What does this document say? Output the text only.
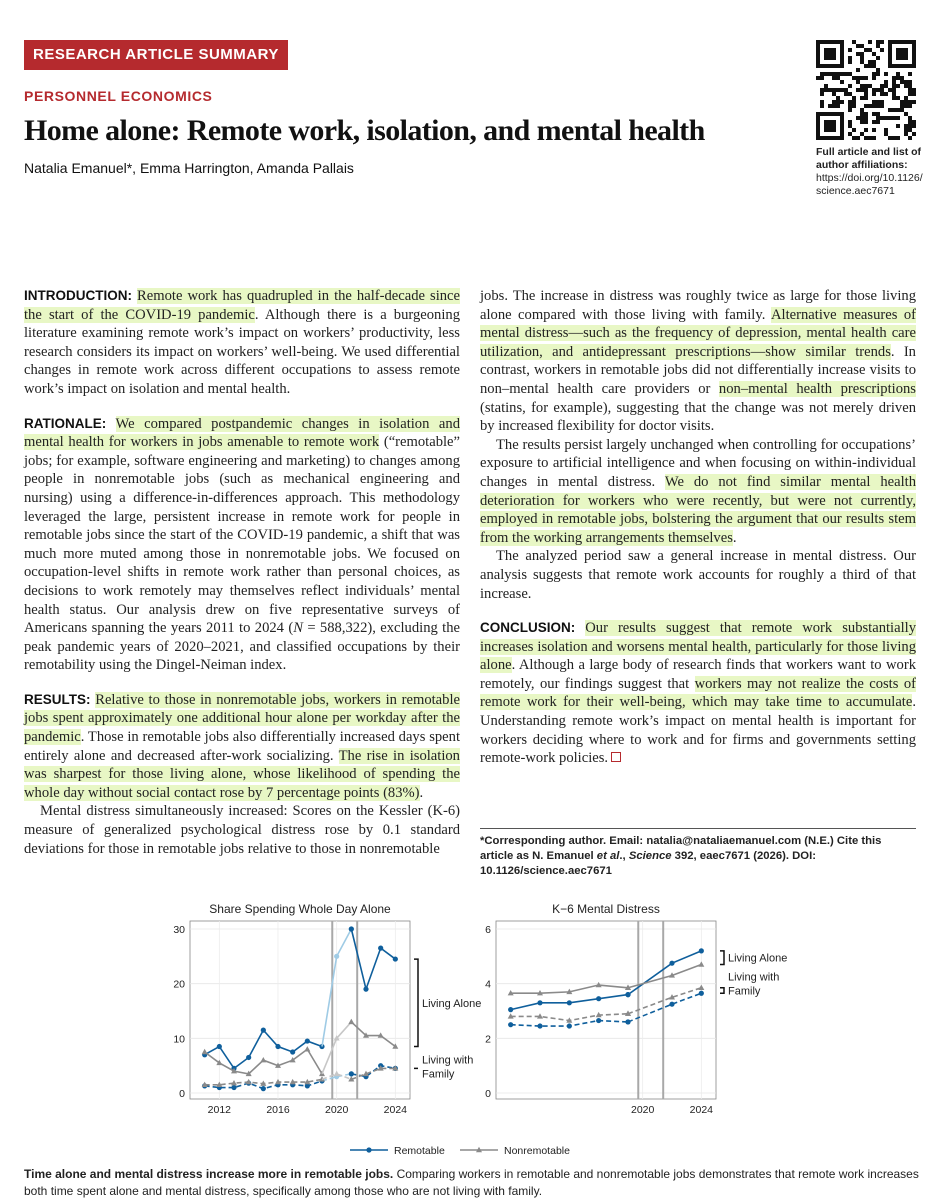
RESEARCH ARTICLE SUMMARY
PERSONNEL ECONOMICS
Home alone: Remote work, isolation, and mental health
Natalia Emanuel*, Emma Harrington, Amanda Pallais
Full article and list of author affiliations:
https://doi.org/10.1126/ science.aec7671

INTRODUCTION: Remote work has quadrupled in the half-decade since the start of the COVID-19 pandemic. Although there is a burgeoning literature examining remote work’s impact on workers’ productivity, less research considers its impact on workers’ well-being. We used differential changes in remote work across different occupations to assess remote work’s impact on isolation and mental health.

RATIONALE: We compared postpandemic changes in isolation and mental health for workers in jobs amenable to remote work (“remotable” jobs; for example, software engineering and marketing) to changes among people in nonremotable jobs (such as mechanical engineering and nursing) using a difference-in-differences approach. This methodology leveraged the large, persistent increase in remote work for people in remotable jobs since the start of the COVID-19 pandemic, a shift that was much more muted among those in nonremotable jobs. We focused on occupation-level shifts in remote work rather than personal choices, as decisions to work remotely may themselves reflect individuals’ mental health status. Our analysis drew on five representative surveys of Americans spanning the years 2011 to 2024 (N = 588,322), excluding the peak pandemic years of 2020–2021, and classified occupations by their remotability using the Dingel-Neiman index.

RESULTS: Relative to those in nonremotable jobs, workers in remotable jobs spent approximately one additional hour alone per workday after the pandemic. Those in remotable jobs also differentially increased days spent entirely alone and decreased after-work socializing. The rise in isolation was sharpest for those living alone, whose likelihood of spending the whole day without social contact rose by 7 percentage points (83%).

Mental distress simultaneously increased: Scores on the Kessler (K-6) measure of generalized psychological distress rose by 0.1 standard deviations for those in remotable jobs relative to those in nonremotable

jobs. The increase in distress was roughly twice as large for those living alone compared with those living with family. Alternative measures of mental distress—such as the frequency of depression, mental health care utilization, and antidepressant prescriptions—show similar trends. In contrast, workers in remotable jobs did not differentially increase visits to non–mental health care providers or non–mental health prescriptions (statins, for example), suggesting that the change was not merely driven by increased flexibility for doctor visits.

The results persist largely unchanged when controlling for occupations’ exposure to artificial intelligence and when focusing on within-individual changes in mental distress. We do not find similar mental health deterioration for workers who were recently, but were not currently, employed in remotable jobs, bolstering the argument that our results stem from the working arrangements themselves.

The analyzed period saw a general increase in mental distress. Our analysis suggests that remote work accounts for roughly a third of that increase.

CONCLUSION: Our results suggest that remote work substantially increases isolation and worsens mental health, particularly for those living alone. Although a large body of research finds that workers want to work remotely, our findings suggest that workers may not realize the costs of remote work for their well-being, which may take time to accumulate. Understanding remote work’s impact on mental health is important for workers deciding where to work and for firms and governments setting remote-work policies.

*Corresponding author. Email: natalia@nataliaemanuel.com (N.E.) Cite this article as N. Emanuel et al., Science 392, eaec7671 (2026). DOI: 10.1126/science.aec7671
0
10
20
30
2012	2016	2020	2024
Share Spending Whole Day Alone
Living Alone
Living with
Family
0
2
4
6
2020	2024
K−6 Mental Distress
Living Alone
Living with
Family
Remotable	Nonremotable
Time alone and mental distress increase more in remotable jobs. Comparing workers in remotable and nonremotable jobs demonstrates that remote work increases both time spent alone and mental distress, specifically among those who are not living with family.
